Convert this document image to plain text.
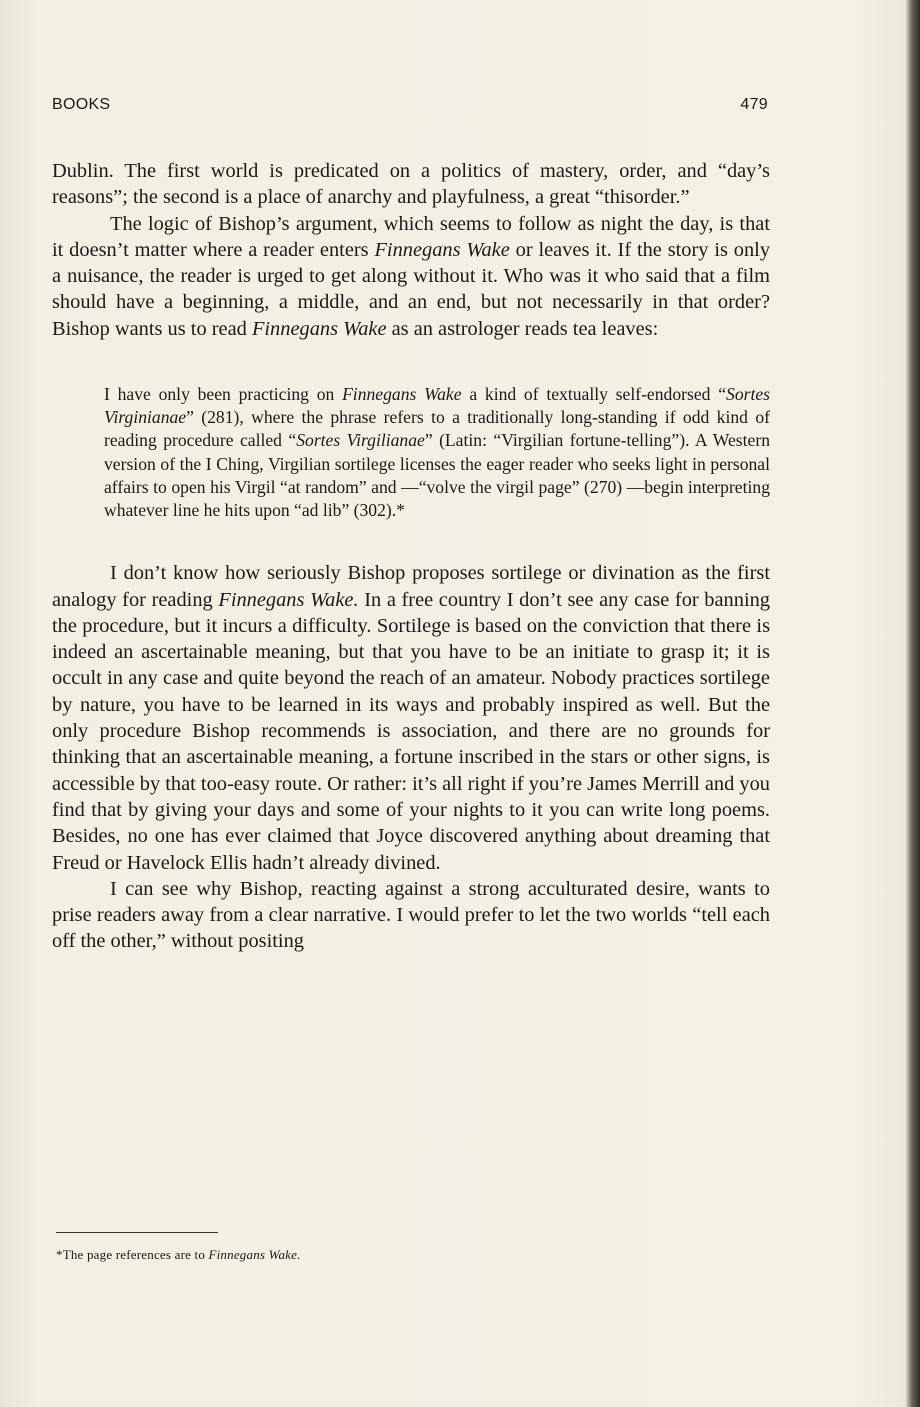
BOOKS	479

Dublin. The first world is predicated on a politics of mastery, order, and “day’s reasons”; the second is a place of anarchy and playfulness, a great “thisorder.”

The logic of Bishop’s argument, which seems to follow as night the day, is that it doesn’t matter where a reader enters Finnegans Wake or leaves it. If the story is only a nuisance, the reader is urged to get along without it. Who was it who said that a film should have a beginning, a middle, and an end, but not necessarily in that order? Bishop wants us to read Finnegans Wake as an astrologer reads tea leaves:

I have only been practicing on Finnegans Wake a kind of textually self-endorsed “Sortes Virginianae” (281), where the phrase refers to a traditionally long-standing if odd kind of reading procedure called “Sortes Virgilianae” (Latin: “Virgilian fortune-telling”). A Western version of the I Ching, Virgilian sortilege licenses the eager reader who seeks light in personal affairs to open his Virgil “at random” and —“volve the virgil page” (270) —begin interpreting whatever line he hits upon “ad lib” (302).*

I don’t know how seriously Bishop proposes sortilege or divination as the first analogy for reading Finnegans Wake. In a free country I don’t see any case for banning the procedure, but it incurs a difficulty. Sortilege is based on the conviction that there is indeed an ascertainable meaning, but that you have to be an initiate to grasp it; it is occult in any case and quite beyond the reach of an amateur. Nobody practices sortilege by nature, you have to be learned in its ways and probably inspired as well. But the only procedure Bishop recommends is association, and there are no grounds for thinking that an ascertainable meaning, a fortune inscribed in the stars or other signs, is accessible by that too-easy route. Or rather: it’s all right if you’re James Merrill and you find that by giving your days and some of your nights to it you can write long poems. Besides, no one has ever claimed that Joyce discovered anything about dreaming that Freud or Havelock Ellis hadn’t already divined.

I can see why Bishop, reacting against a strong acculturated desire, wants to prise readers away from a clear narrative. I would prefer to let the two worlds “tell each off the other,” without positing

*The page references are to Finnegans Wake.
